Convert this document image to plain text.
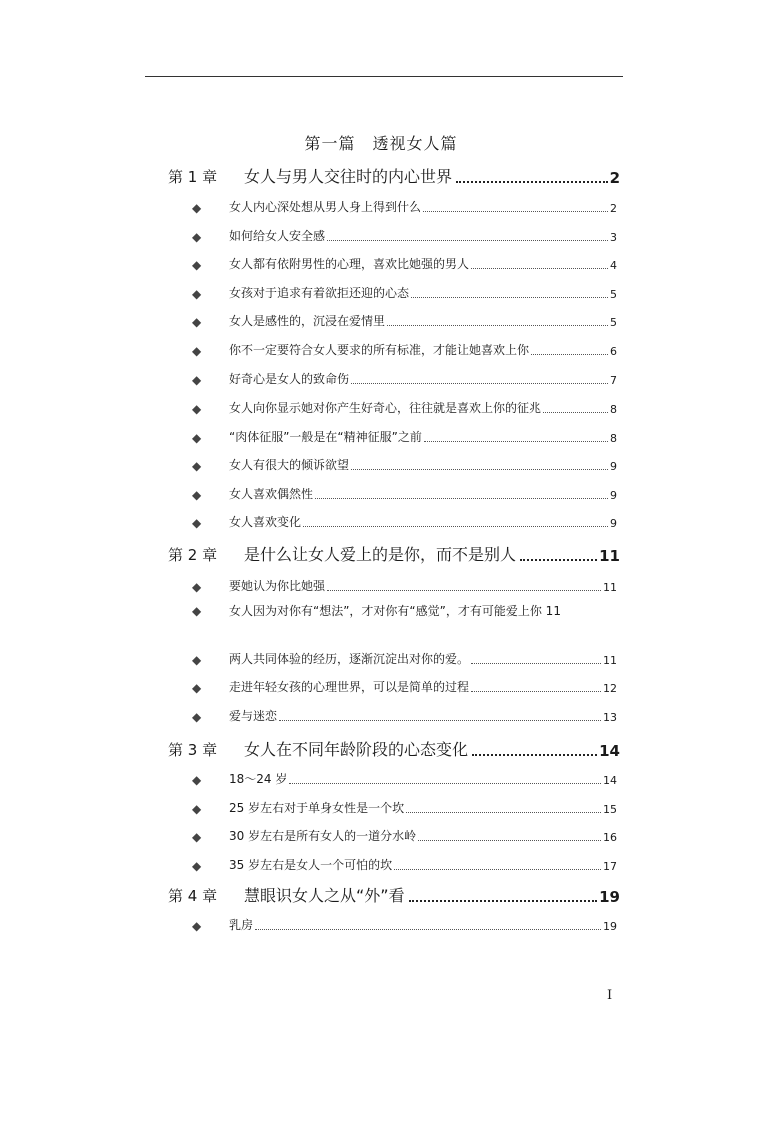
第一篇　透视女人篇
第 1 章	女人与男人交往时的内心世界	2
◆	女人内心深处想从男人身上得到什么	2
◆	如何给女人安全感	3
◆	女人都有依附男性的心理，喜欢比她强的男人	4
◆	女孩对于追求有着欲拒还迎的心态	5
◆	女人是感性的，沉浸在爱情里	5
◆	你不一定要符合女人要求的所有标准，才能让她喜欢上你	6
◆	好奇心是女人的致命伤	7
◆	女人向你显示她对你产生好奇心，往往就是喜欢上你的征兆	8
◆	“肉体征服”一般是在“精神征服”之前	8
◆	女人有很大的倾诉欲望	9
◆	女人喜欢偶然性	9
◆	女人喜欢变化	9
第 2 章	是什么让女人爱上的是你，而不是别人	11
◆	要她认为你比她强	11
◆	女人因为对你有“想法”，才对你有“感觉”，才有可能爱上你 11
◆	两人共同体验的经历，逐渐沉淀出对你的爱。	11
◆	走进年轻女孩的心理世界，可以是简单的过程	12
◆	爱与迷恋	13
第 3 章	女人在不同年龄阶段的心态变化	14
◆	18～24 岁	14
◆	25 岁左右对于单身女性是一个坎	15
◆	30 岁左右是所有女人的一道分水岭	16
◆	35 岁左右是女人一个可怕的坎	17
第 4 章	慧眼识女人之从“外”看	19
◆	乳房	19
I
